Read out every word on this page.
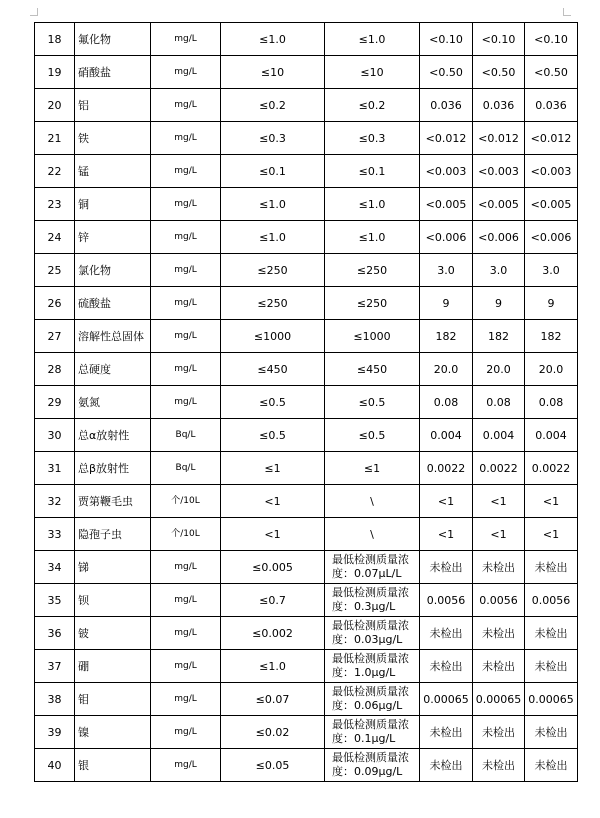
18	氟化物	mg/L	≤1.0	≤1.0	<0.10	<0.10	<0.10
19	硝酸盐	mg/L	≤10	≤10	<0.50	<0.50	<0.50
20	铝	mg/L	≤0.2	≤0.2	0.036	0.036	0.036
21	铁	mg/L	≤0.3	≤0.3	<0.012	<0.012	<0.012
22	锰	mg/L	≤0.1	≤0.1	<0.003	<0.003	<0.003
23	铜	mg/L	≤1.0	≤1.0	<0.005	<0.005	<0.005
24	锌	mg/L	≤1.0	≤1.0	<0.006	<0.006	<0.006
25	氯化物	mg/L	≤250	≤250	3.0	3.0	3.0
26	硫酸盐	mg/L	≤250	≤250	9	9	9
27	溶解性总固体	mg/L	≤1000	≤1000	182	182	182
28	总硬度	mg/L	≤450	≤450	20.0	20.0	20.0
29	氨氮	mg/L	≤0.5	≤0.5	0.08	0.08	0.08
30	总α放射性	Bq/L	≤0.5	≤0.5	0.004	0.004	0.004
31	总β放射性	Bq/L	≤1	≤1	0.0022	0.0022	0.0022
32	贾第鞭毛虫	个/10L	<1	\	<1	<1	<1
33	隐孢子虫	个/10L	<1	\	<1	<1	<1
34	锑	mg/L	≤0.005	最低检测质量浓度：0.07μL/L	未检出	未检出	未检出
35	钡	mg/L	≤0.7	最低检测质量浓度：0.3μg/L	0.0056	0.0056	0.0056
36	铍	mg/L	≤0.002	最低检测质量浓度：0.03μg/L	未检出	未检出	未检出
37	硼	mg/L	≤1.0	最低检测质量浓度：1.0μg/L	未检出	未检出	未检出
38	钼	mg/L	≤0.07	最低检测质量浓度：0.06μg/L	0.00065	0.00065	0.00065
39	镍	mg/L	≤0.02	最低检测质量浓度：0.1μg/L	未检出	未检出	未检出
40	银	mg/L	≤0.05	最低检测质量浓度：0.09μg/L	未检出	未检出	未检出
